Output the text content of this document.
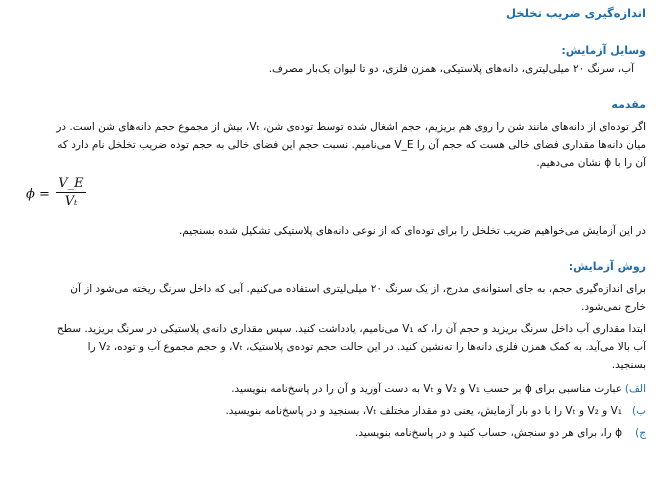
اندازه‌گیری ضریب تخلخل
وسایل آزمایش:

آب، سرنگ ۲۰ میلی‌لیتری، دانه‌های پلاستیکی، همزن فلزی، دو تا لیوان یک‌بار مصرف.

مقدمه

اگر توده‌ای از دانه‌های مانند شن را روی هم بریزیم، حجم اشغال شده توسط توده‌ی شن، Vₜ، بیش از مجموع حجم دانه‌های شن است. در

میان دانه‌ها مقداری فضای خالی هست که حجم آن را V_E می‌نامیم. نسبت حجم این فضای خالی به حجم توده ضریب تخلخل نام دارد که

آن را با ϕ نشان می‌دهیم.

$\phi = \frac{V\_E}{\text{Vₜ}}$

در این آزمایش می‌خواهیم ضریب تخلخل را برای توده‌ای که از نوعی دانه‌های پلاستیکی تشکیل شده بسنجیم.

روش آزمایش:

برای اندازه‌گیری حجم، به جای استوانه‌ی مدرج، از یک سرنگ ۲۰ میلی‌لیتری استفاده می‌کنیم. آبی که داخل سرنگ ریخته می‌شود از آن

خارج نمی‌شود.

ابتدا مقداری آب داخل سرنگ بریزید و حجم آن را، که V₁ می‌نامیم، یادداشت کنید. سپس مقداری دانه‌ی پلاستیکی در سرنگ بریزید. سطح

آب بالا می‌آید. به کمک همزن فلزی دانه‌ها را ته‌نشین کنید. در این حالت حجم توده‌ی پلاستیک، Vₜ، و حجم مجموع آب و توده، V₂ را

بسنجید.

الف)
عبارت مناسبی برای ϕ بر حسب V₁ و V₂ و Vₜ به دست آورید و آن را در پاسخ‌نامه بنویسید.
ب)
V₁ و V₂ و Vₜ را با دو بار آزمایش، یعنی دو مقدار مختلف Vₜ، بسنجید و در پاسخ‌نامه بنویسید.
ج)
ϕ را، برای هر دو سنجش، حساب کنید و در پاسخ‌نامه بنویسید.
